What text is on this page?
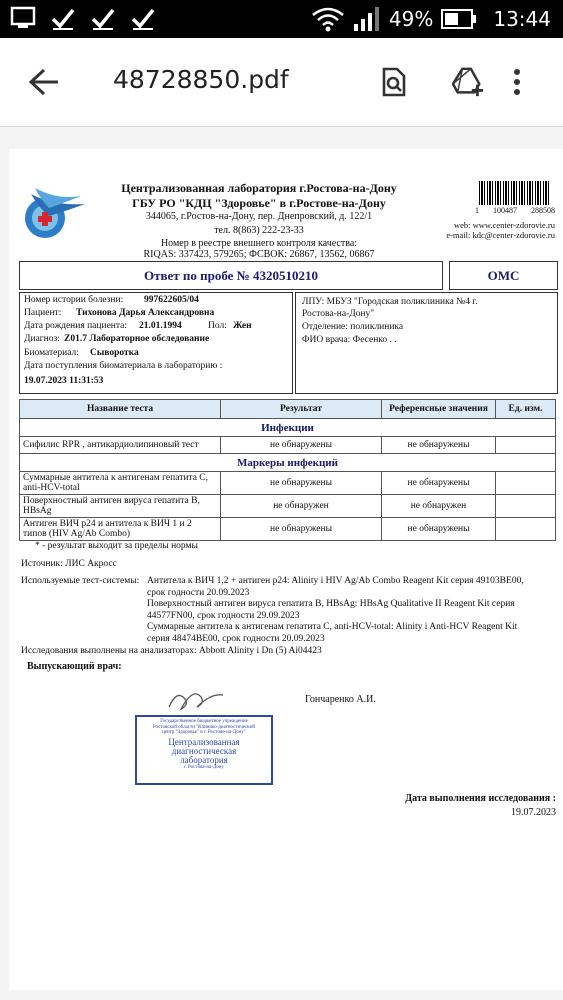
49%	13:44
48728850.pdf
Централизованная лаборатория г.Ростова-на-Дону
ГБУ РО "КДЦ "Здоровье" в г.Ростове-на-Дону
344065, г.Ростов-на-Дону, пер. Днепровский, д. 122/1
тел. 8(863) 222-23-33
Номер в реестре внешнего контроля качества:
RIQAS: 337423, 579265; ФСВОК: 26867, 13562, 06867
1 100487 288508
web: www.center-zdorovie.ru
e-mail: kdc@center-zdorovie.ru
Ответ по пробе № 4320510210	ОМС
Номер истории болезни: 997622605/04
Пациент: Тихонова Дарья Александровна
Дата рождения пациента: 21.01.1994	Пол: Жен
Диагноз: Z01.7 Лабораторное обследование
Биоматериал: Сыворотка
Дата поступления биоматериала в лабораторию :
19.07.2023 11:31:53
ЛПУ: МБУЗ "Городская поликлиника №4 г.
Ростова-на-Дону"
Отделение: поликлиника
ФИО врача: Фесенко . .
Название теста	Результат	Референсные значения	Ед. изм.
Инфекции			
Сифилис RPR , антикардиолипиновый тест	не обнаружены	не обнаружены	
Маркеры инфекций			
Суммарные антитела к антигенам гепатита С,
anti-HCV-total	не обнаружены	не обнаружены	
Поверхностный антиген вируса гепатита В,
HBsAg	не обнаружен	не обнаружен	
Антиген ВИЧ p24 и антитела к ВИЧ 1 и 2
типов (HIV Ag/Ab Combo)	не обнаружены	не обнаружены	
* - результат выходит за пределы нормы
Источник: ЛИС Акросс
Используемые тест-системы: Антитела к ВИЧ 1,2 + антиген p24: Alinity i HIV Ag/Ab Combo Reagent Kit серия 49103BE00,
срок годности 20.09.2023
Поверхностный антиген вируса гепатита В, HBsAg: HBsAg Qualitative II Reagent Kit серия
44577FN00, срок годности 29.09.2023
Суммарные антитела к антигенам гепатита С, anti-HCV-total: Alinity i Anti-HCV Reagent Kit
серия 48474BE00, срок годности 20.09.2023
Исследования выполнены на анализаторах: Abbott Alinity i Dn (5) Ai04423
Выпускающий врач:
Гончаренко А.И.
Государственное бюджетное учреждение
Ростовской области "Клинико-диагностический
центр "Здоровье" в г. Ростове-на-Дону"
Централизованная
диагностическая
лаборатория
г. Ростова-на-Дону
Дата выполнения исследования :
19.07.2023
